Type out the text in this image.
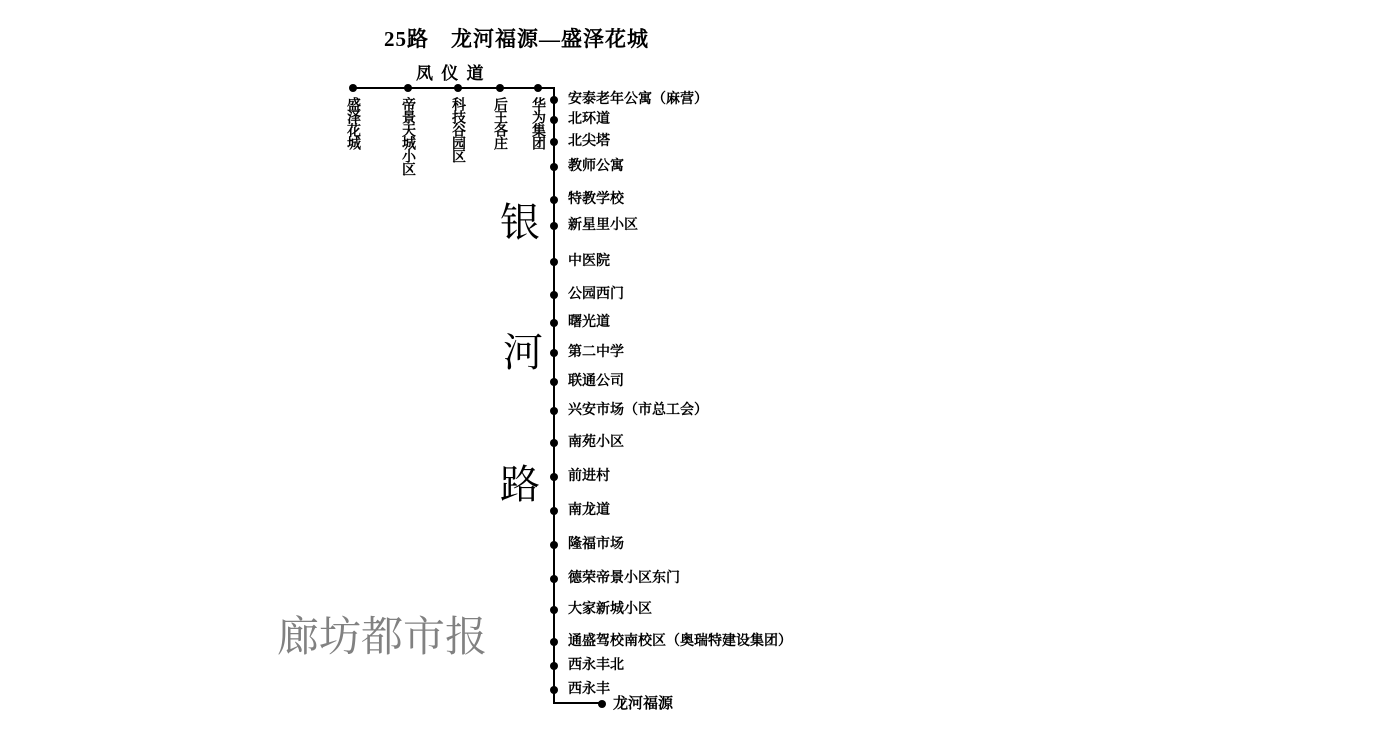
25路　龙河福源—盛泽花城
凤 仪 道
盛泽花城	帝景天城小区	科技谷园区 后王各庄 华为集团 安泰老年公寓（麻营）
北环道
北尖塔
教师公寓
特教学校
新星里小区
中医院
公园西门
曙光道
第二中学
联通公司
兴安市场（市总工会）
南苑小区
前进村
南龙道
隆福市场
德荣帝景小区东门
大家新城小区
通盛驾校南校区（奥瑞特建设集团）
西永丰北
西永丰
银
河
路
龙河福源
廊坊都市报
